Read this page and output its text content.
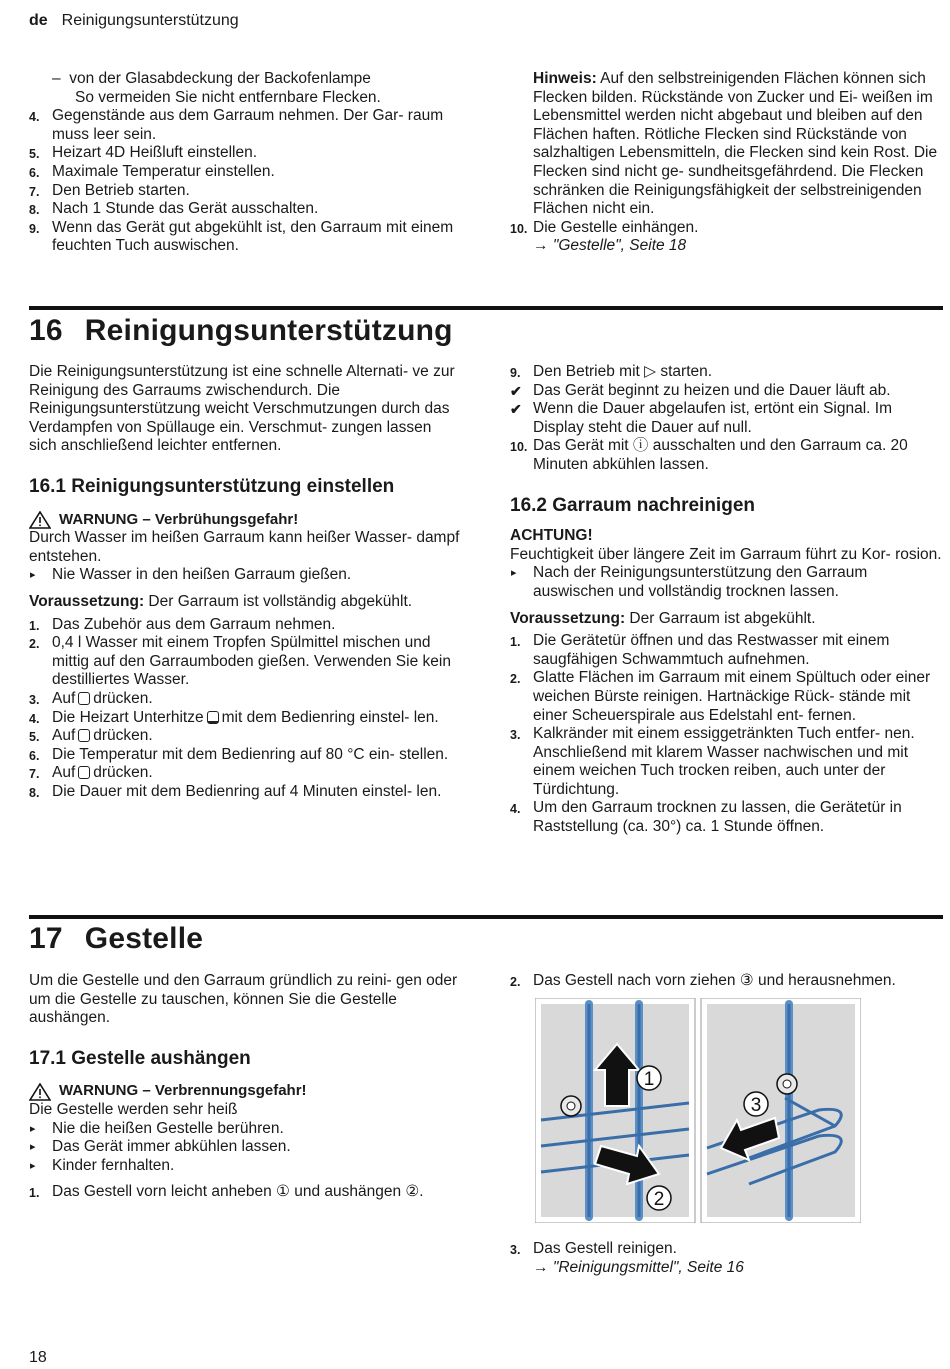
de Reinigungsunterstützung

–  von der Glasabdeckung der Backofenlampe
So vermeiden Sie nicht entfernbare Flecken.

4. Gegenstände aus dem Garraum nehmen. Der Gar- raum muss leer sein.
5. Heizart 4D Heißluft einstellen.
6. Maximale Temperatur einstellen.
7. Den Betrieb starten.
8. Nach 1 Stunde das Gerät ausschalten.
9. Wenn das Gerät gut abgekühlt ist, den Garraum mit einem feuchten Tuch auswischen.

Hinweis: Auf den selbstreinigenden Flächen können sich Flecken bilden. Rückstände von Zucker und Ei- weißen im Lebensmittel werden nicht abgebaut und bleiben auf den Flächen haften. Rötliche Flecken sind Rückstände von salzhaltigen Lebensmitteln, die Flecken sind kein Rost. Die Flecken sind nicht ge- sundheitsgefährdend. Die Flecken schränken die Reinigungsfähigkeit der selbstreinigenden Flächen nicht ein.

10. Die Gestelle einhängen.
→ "Gestelle", Seite 18
16 Reinigungsunterstützung

Die Reinigungsunterstützung ist eine schnelle Alternati- ve zur Reinigung des Garraums zwischendurch. Die Reinigungsunterstützung weicht Verschmutzungen durch das Verdampfen von Spüllauge ein. Verschmut- zungen lassen sich anschließend leichter entfernen.

16.1 Reinigungsunterstützung einstellen

WARNUNG – Verbrühungsgefahr!

Durch Wasser im heißen Garraum kann heißer Wasser- dampf entstehen.

▸ Nie Wasser in den heißen Garraum gießen.

Voraussetzung: Der Garraum ist vollständig abgekühlt.

1. Das Zubehör aus dem Garraum nehmen.
2. 0,4 l Wasser mit einem Tropfen Spülmittel mischen und mittig auf den Garraumboden gießen. Verwenden Sie kein destilliertes Wasser.
3. Auf drücken.
4. Die Heizart Unterhitze mit dem Bedienring einstel- len.
5. Auf drücken.
6. Die Temperatur mit dem Bedienring auf 80 °C ein- stellen.
7. Auf drücken.
8. Die Dauer mit dem Bedienring auf 4 Minuten einstel- len.
9. Den Betrieb mit ▷ starten.
✔ Das Gerät beginnt zu heizen und die Dauer läuft ab.
✔ Wenn die Dauer abgelaufen ist, ertönt ein Signal. Im Display steht die Dauer auf null.
10. Das Gerät mit ⓘ ausschalten und den Garraum ca. 20 Minuten abkühlen lassen.

16.2 Garraum nachreinigen

ACHTUNG!

Feuchtigkeit über längere Zeit im Garraum führt zu Kor- rosion.

▸ Nach der Reinigungsunterstützung den Garraum auswischen und vollständig trocknen lassen.

Voraussetzung: Der Garraum ist abgekühlt.

1. Die Gerätetür öffnen und das Restwasser mit einem saugfähigen Schwammtuch aufnehmen.
2. Glatte Flächen im Garraum mit einem Spültuch oder einer weichen Bürste reinigen. Hartnäckige Rück- stände mit einer Scheuerspirale aus Edelstahl ent- fernen.
3. Kalkränder mit einem essiggetränkten Tuch entfer- nen. Anschließend mit klarem Wasser nachwischen und mit einem weichen Tuch trocken reiben, auch unter der Türdichtung.
4. Um den Garraum trocknen zu lassen, die Gerätetür in Raststellung (ca. 30°) ca. 1 Stunde öffnen.
17 Gestelle

Um die Gestelle und den Garraum gründlich zu reini- gen oder um die Gestelle zu tauschen, können Sie die Gestelle aushängen.

17.1 Gestelle aushängen

WARNUNG – Verbrennungsgefahr!

Die Gestelle werden sehr heiß

▸ Nie die heißen Gestelle berühren.
▸ Das Gerät immer abkühlen lassen.
▸ Kinder fernhalten.
1. Das Gestell vorn leicht anheben ① und aushängen ②.
2. Das Gestell nach vorn ziehen ③ und herausnehmen.
1
2
3
3. Das Gestell reinigen.
→ "Reinigungsmittel", Seite 16
18
